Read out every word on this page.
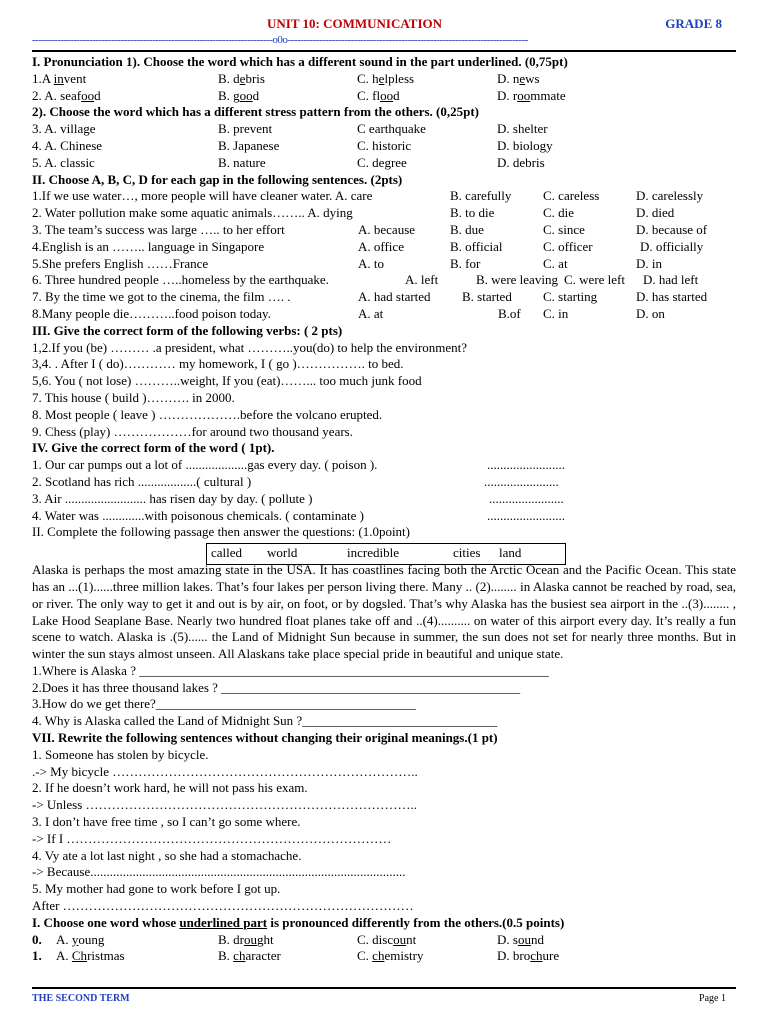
UNIT 10: COMMUNICATION	GRADE 8
----------------------------------------------------------------------------o0o----------------------------------------------------------------------------
I. Pronunciation 1). Choose the word which has a different sound in the part underlined. (0,75pt)
1.A invent	B. debris	C. helpless	D. news
2. A. seafood	B. good	C. flood	D. roommate
2). Choose the word which has a different stress pattern from the others. (0,25pt)
3. A. village	B. prevent	C earthquake	D. shelter
4. A. Chinese	B. Japanese	C. historic	D. biology
5. A. classic	B. nature	C. degree	D. debris
II. Choose A, B, C, D for each gap in the following sentences. (2pts)
1.If we use water…, more people will have cleaner water. A. care	B. carefully C. careless	D. carelessly
2. Water pollution make some aquatic animals…….. A. dying	B. to die	C. die	D. died
3. The team’s success was large ….. to her effort	A. because	B. due	C. since	D. because of
4.English is an …….. language in Singapore	A. office	B. official	C. officer	D. officially
5.She prefers English ……France	A. to	B. for	C. at	D. in
6. Three hundred people …..homeless by the earthquake.	A. left	B. were leaving C. were left D. had left
7. By the time we got to the cinema, the film …. .	A. had started B. started C. starting	D. has started
8.Many people die………..food poison today.	A. at	B.of C. in	D. on
III. Give the correct form of the following verbs: ( 2 pts)
1,2.If you (be) ……… .a president, what ………..you(do) to help the environment?
3,4. . After I ( do)………… my homework, I ( go )……………. to bed.
5,6. You ( not lose) ………..weight, If you (eat)……... too much junk food
7. This house ( build )………. in 2000.
8. Most people ( leave ) ……………….before the volcano erupted.
9. Chess (play) ………………for around two thousand years.
IV. Give the correct form of the word ( 1pt).
1. Our car pumps out a lot of ...................gas every day. ( poison ).	........................
2. Scotland has rich ..................( cultural )	.......................
3. Air ......................... has risen day by day. ( pollute )	.......................
4. Water was .............with poisonous chemicals. ( contaminate )	........................
II. Complete the following passage then answer the questions: (1.0point)
called world	incredible	cities land

Alaska is perhaps the most amazing state in the USA. It has coastlines facing both the Arctic Ocean and the Pacific Ocean. This state has an ...(1)......three million lakes. That’s four lakes per person living there. Many .. (2)........ in Alaska cannot be reached by road, sea, or river. The only way to get it and out is by air, on foot, or by dogsled. That’s why Alaska has the busiest sea airport in the ..(3)........ , Lake Hood Seaplane Base. Nearly two hundred float planes take off and ..(4).......... on water of this airport every day. It’s really a fun scene to watch. Alaska is .(5)...... the Land of Midnight Sun because in summer, the sun does not set for nearly three months. But in winter the sun stays almost unseen. All Alaskans take place special pride in beautiful and unique state.

1.Where is Alaska ? _______________________________________________________________
2.Does it has three thousand lakes ? ______________________________________________
3.How do we get there?________________________________________
4. Why is Alaska called the Land of Midnight Sun ?______________________________
VII. Rewrite the following sentences without changing their original meanings.(1 pt)
1. Someone has stolen by bicycle.
.-> My bicycle ……………………………………………………………..
2. If he doesn’t work hard, he will not pass his exam.
-> Unless …………………………………………………………………..
3. I don’t have free time , so I can’t go some where.
-> If I …………………………………………………………………
4. Vy ate a lot last night , so she had a stomachache.
-> Because.................................................................................................
5. My mother had gone to work before I got up.
After ………………………………………………………………………
I. Choose one word whose underlined part is pronounced differently from the others.(0.5 points)
0. A. young	B. drought	C. discount	D. sound
1. A. Christmas	B. character	C. chemistry	D. brochure
THE SECOND TERM	Page 1
